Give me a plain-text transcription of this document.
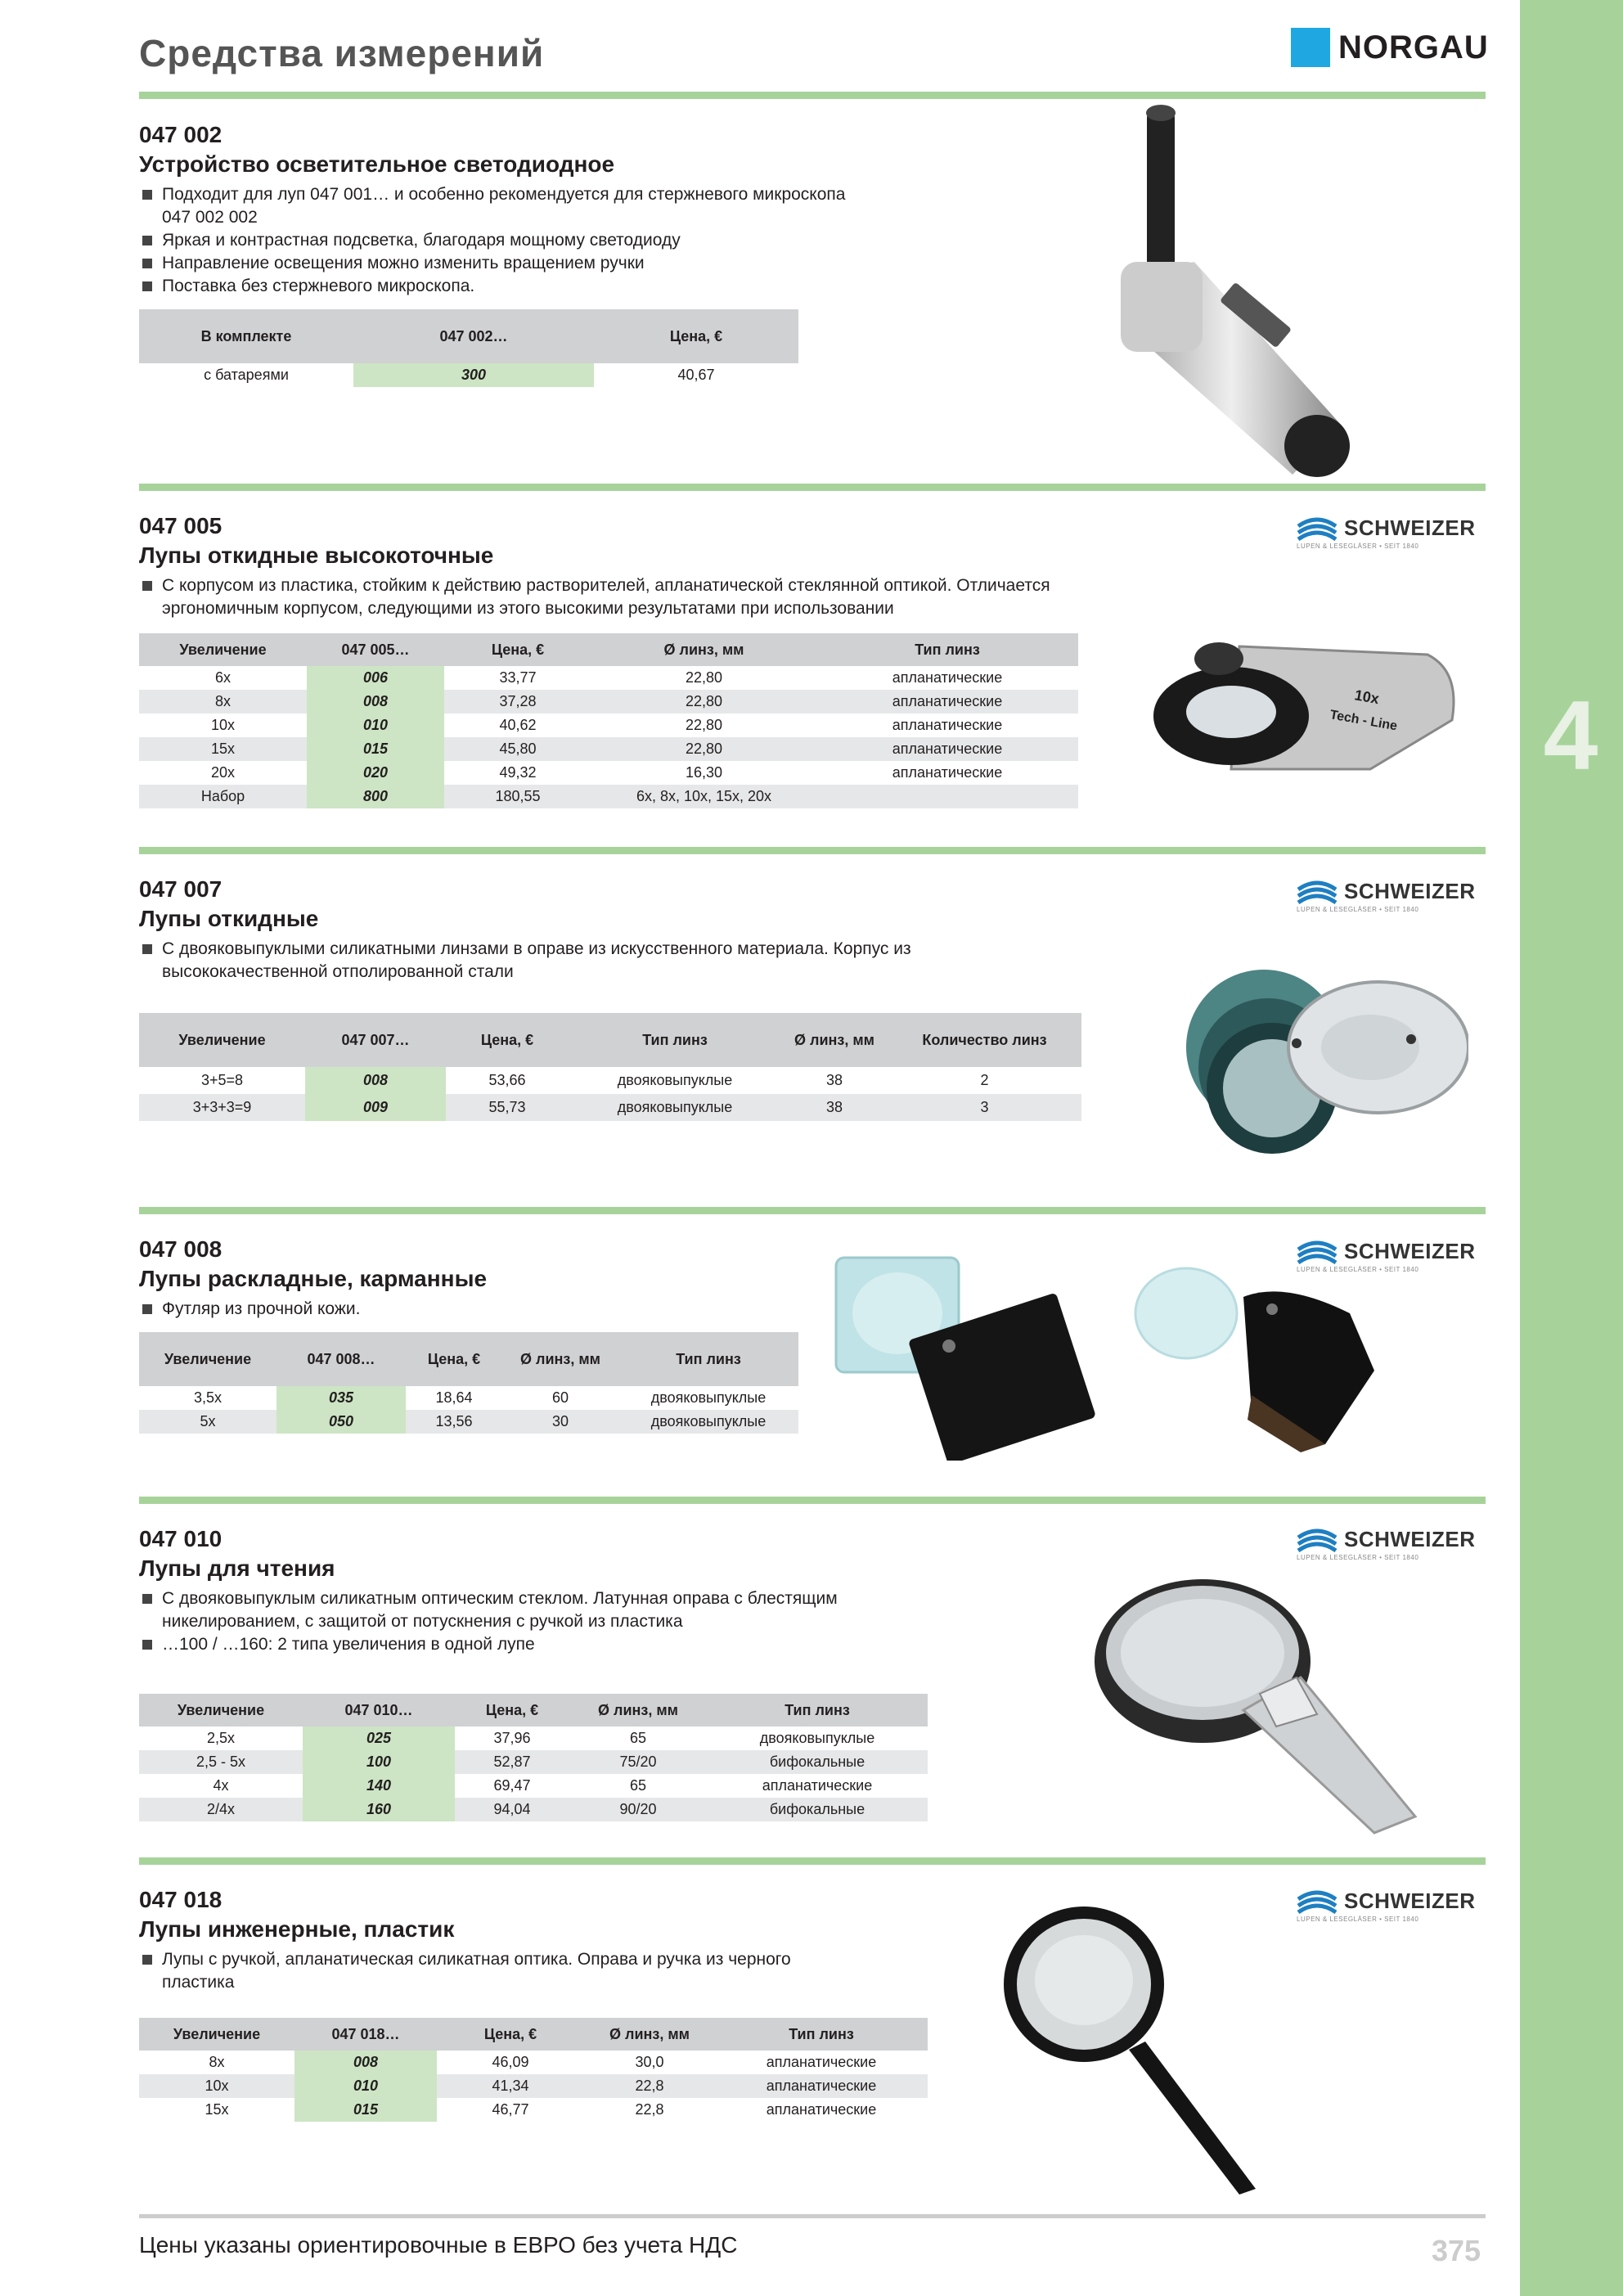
4
Средства измерений	NORGAU
047 002
Устройство осветительное светодиодное
Подходит для луп 047 001… и особенно рекомендуется для стержневого микроскопа 047 002 002
Яркая и контрастная подсветка, благодаря мощному светодиоду
Направление освещения можно изменить вращением ручки
Поставка без стержневого микроскопа.
В комплекте	047 002…	Цена, €
с батареями	300	40,67
047 005
Лупы откидные высокоточные
С корпусом из пластика, стойким к действию растворителей, апланатической стеклянной оптикой. Отличается эргономичным корпусом, следующими из этого высокими результатами при использовании
SCHWEIZER
LUPEN & LESEGLÄSER • SEIT 1840
Увеличение	047 005…	Цена, €	Ø линз, мм	Тип линз
6x	006	33,77	22,80	апланатические
8x	008	37,28	22,80	апланатические
10x	010	40,62	22,80	апланатические
15x	015	45,80	22,80	апланатические
20x	020	49,32	16,30	апланатические
Набор	800	180,55	6x, 8x, 10x, 15x, 20x	
10x
Tech - Line
047 007
Лупы откидные
С двояковыпуклыми силикатными линзами в оправе из искусственного материала. Корпус из высококачественной отполированной стали
SCHWEIZER
LUPEN & LESEGLÄSER • SEIT 1840
Увеличение	047 007…	Цена, €	Тип линз	Ø линз, мм	Количество линз
3+5=8	008	53,66	двояковыпуклые	38	2
3+3+3=9	009	55,73	двояковыпуклые	38	3
047 008
Лупы раскладные, карманные
Футляр из прочной кожи.
SCHWEIZER
LUPEN & LESEGLÄSER • SEIT 1840
Увеличение	047 008…	Цена, €	Ø линз, мм	Тип линз
3,5x	035	18,64	60	двояковыпуклые
5x	050	13,56	30	двояковыпуклые
047 010
Лупы для чтения
С двояковыпуклым силикатным оптическим стеклом. Латунная оправа с блестящим никелированием, с защитой от потускнения с ручкой из пластика
…100 / …160: 2 типа увеличения в одной лупе
SCHWEIZER
LUPEN & LESEGLÄSER • SEIT 1840
Увеличение	047 010…	Цена, €	Ø линз, мм	Тип линз
2,5x	025	37,96	65	двояковыпуклые
2,5 - 5x	100	52,87	75/20	бифокальные
4x	140	69,47	65	апланатические
2/4x	160	94,04	90/20	бифокальные
047 018
Лупы инженерные, пластик
Лупы с ручкой, апланатическая силикатная оптика. Оправа и ручка из черного пластика
SCHWEIZER
LUPEN & LESEGLÄSER • SEIT 1840
Увеличение	047 018…	Цена, €	Ø линз, мм	Тип линз
8x	008	46,09	30,0	апланатические
10x	010	41,34	22,8	апланатические
15x	015	46,77	22,8	апланатические
Цены указаны ориентировочные в ЕВРО без учета НДС	375
